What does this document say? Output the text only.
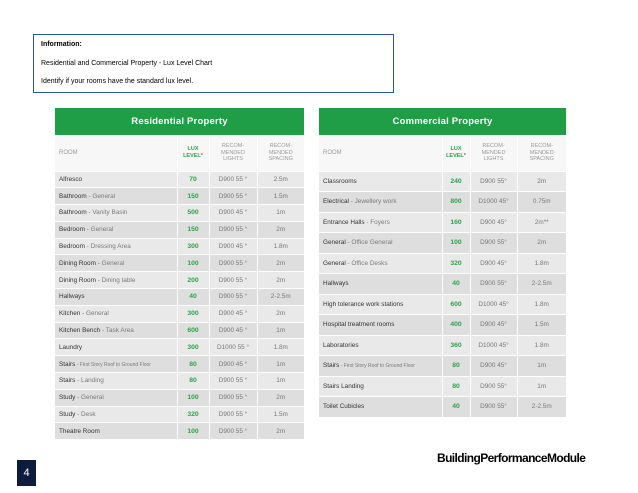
Information:
Residential and Commercial Property - Lux Level Chart
Identify if your rooms have the standard lux level.
Residential Property
ROOM	LUX LEVEL*	RECOM-MENDED LIGHTS	RECOM-MENDED SPACING
Alfresco	70	D900 55 °	2.5m
Bathroom - General	150	D900 55 °	1.5m
Bathroom - Vanity Basin	500	D900 45 °	1m
Bedroom - General	150	D900 55 °	2m
Bedroom - Dressing Area	300	D900 45 °	1.8m
Dining Room - General	100	D900 55 °	2m
Dining Room - Dining table	200	D900 55 °	2m
Hallways	40	D900 55 °	2-2.5m
Kitchen - General	300	D900 45 °	2m
Kitchen Bench - Task Area	600	D900 45 °	1m
Laundry	300	D1000 55 °	1.8m
Stairs - First Story Roof to Ground Floor	80	D900 45 °	1m
Stairs - Landing	80	D900 55 °	1m
Study - General	100	D900 55 °	2m
Study - Desk	320	D900 55 °	1.5m
Theatre Room	100	D900 55 °	2m
Commercial Property
ROOM	LUX LEVEL*	RECOM-MENDED LIGHTS	RECOM-MENDED SPACING
Classrooms	240	D900 55°	2m
Electrical - Jewellery work	800	D1000 45°	0.75m
Entrance Halls - Foyers	160	D900 45°	2m**
General - Office General	100	D900 55°	2m
General - Office Desks	320	D900 45°	1.8m
Hallways	40	D900 55°	2-2.5m
High tolerance work stations	600	D1000 45°	1.8m
Hospital treatment rooms	400	D900 45°	1.5m
Laboratories	360	D1000 45°	1.8m
Stairs - First Story Roof to Ground Floor	80	D900 45°	1m
Stairs Landing	80	D900 55°	1m
Toilet Cubicles	40	D900 55°	2-2.5m
BuildingPerformanceModule
4
